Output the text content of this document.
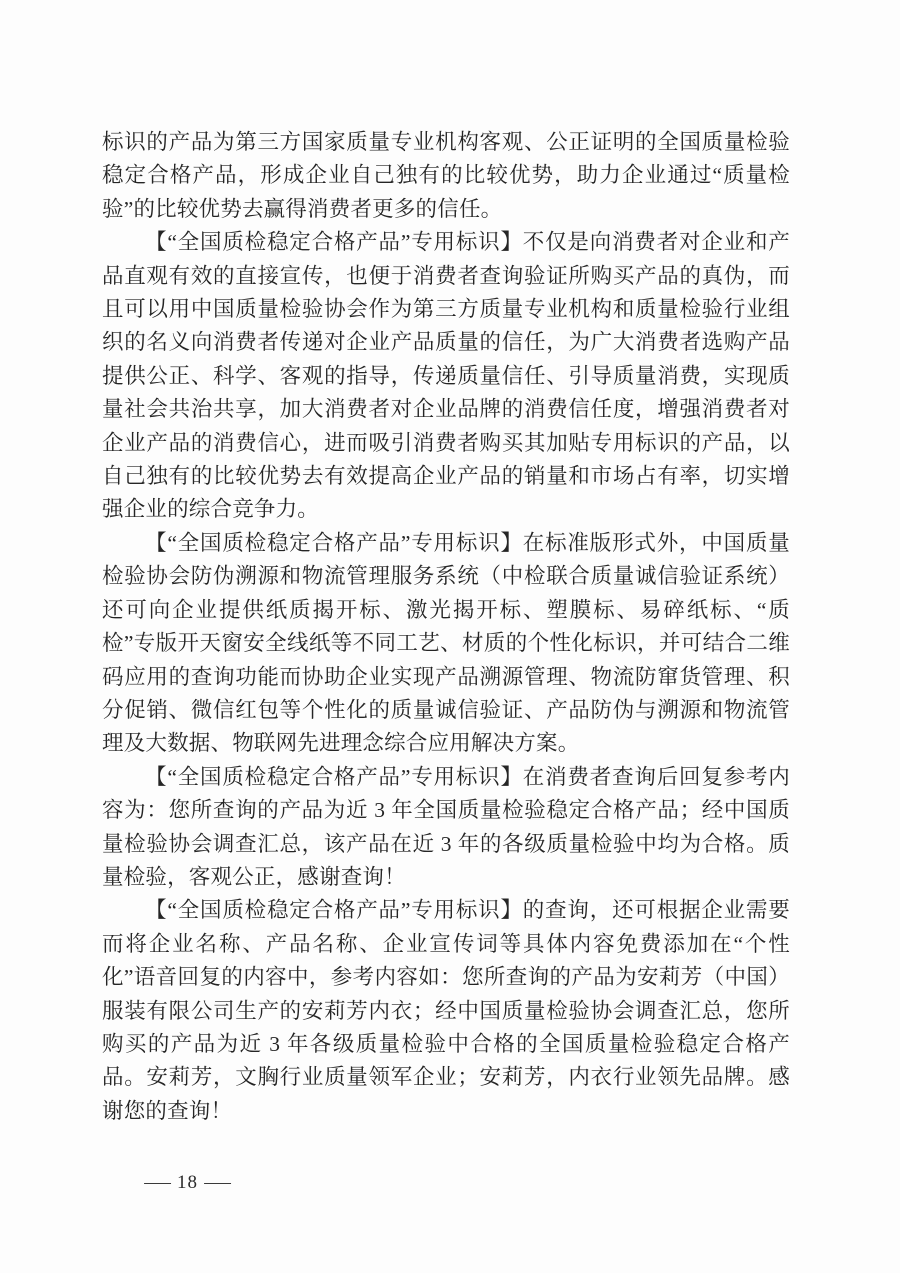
标识的产品为第三方国家质量专业机构客观、公正证明的全国质量检验稳定合格产品，形成企业自己独有的比较优势，助力企业通过“质量检验”的比较优势去赢得消费者更多的信任。

【“全国质检稳定合格产品”专用标识】不仅是向消费者对企业和产品直观有效的直接宣传，也便于消费者查询验证所购买产品的真伪，而且可以用中国质量检验协会作为第三方质量专业机构和质量检验行业组织的名义向消费者传递对企业产品质量的信任，为广大消费者选购产品提供公正、科学、客观的指导，传递质量信任、引导质量消费，实现质量社会共治共享，加大消费者对企业品牌的消费信任度，增强消费者对企业产品的消费信心，进而吸引消费者购买其加贴专用标识的产品，以自己独有的比较优势去有效提高企业产品的销量和市场占有率，切实增强企业的综合竞争力。

【“全国质检稳定合格产品”专用标识】在标准版形式外，中国质量检验协会防伪溯源和物流管理服务系统（中检联合质量诚信验证系统）还可向企业提供纸质揭开标、激光揭开标、塑膜标、易碎纸标、“质检”专版开天窗安全线纸等不同工艺、材质的个性化标识，并可结合二维码应用的查询功能而协助企业实现产品溯源管理、物流防窜货管理、积分促销、微信红包等个性化的质量诚信验证、产品防伪与溯源和物流管理及大数据、物联网先进理念综合应用解决方案。

【“全国质检稳定合格产品”专用标识】在消费者查询后回复参考内容为：您所查询的产品为近 3 年全国质量检验稳定合格产品；经中国质量检验协会调查汇总，该产品在近 3 年的各级质量检验中均为合格。质量检验，客观公正，感谢查询！

【“全国质检稳定合格产品”专用标识】的查询，还可根据企业需要而将企业名称、产品名称、企业宣传词等具体内容免费添加在“个性化”语音回复的内容中，参考内容如：您所查询的产品为安莉芳（中国）服装有限公司生产的安莉芳内衣；经中国质量检验协会调查汇总，您所购买的产品为近 3 年各级质量检验中合格的全国质量检验稳定合格产品。安莉芳，文胸行业质量领军企业；安莉芳，内衣行业领先品牌。感谢您的查询！

— 18 —
